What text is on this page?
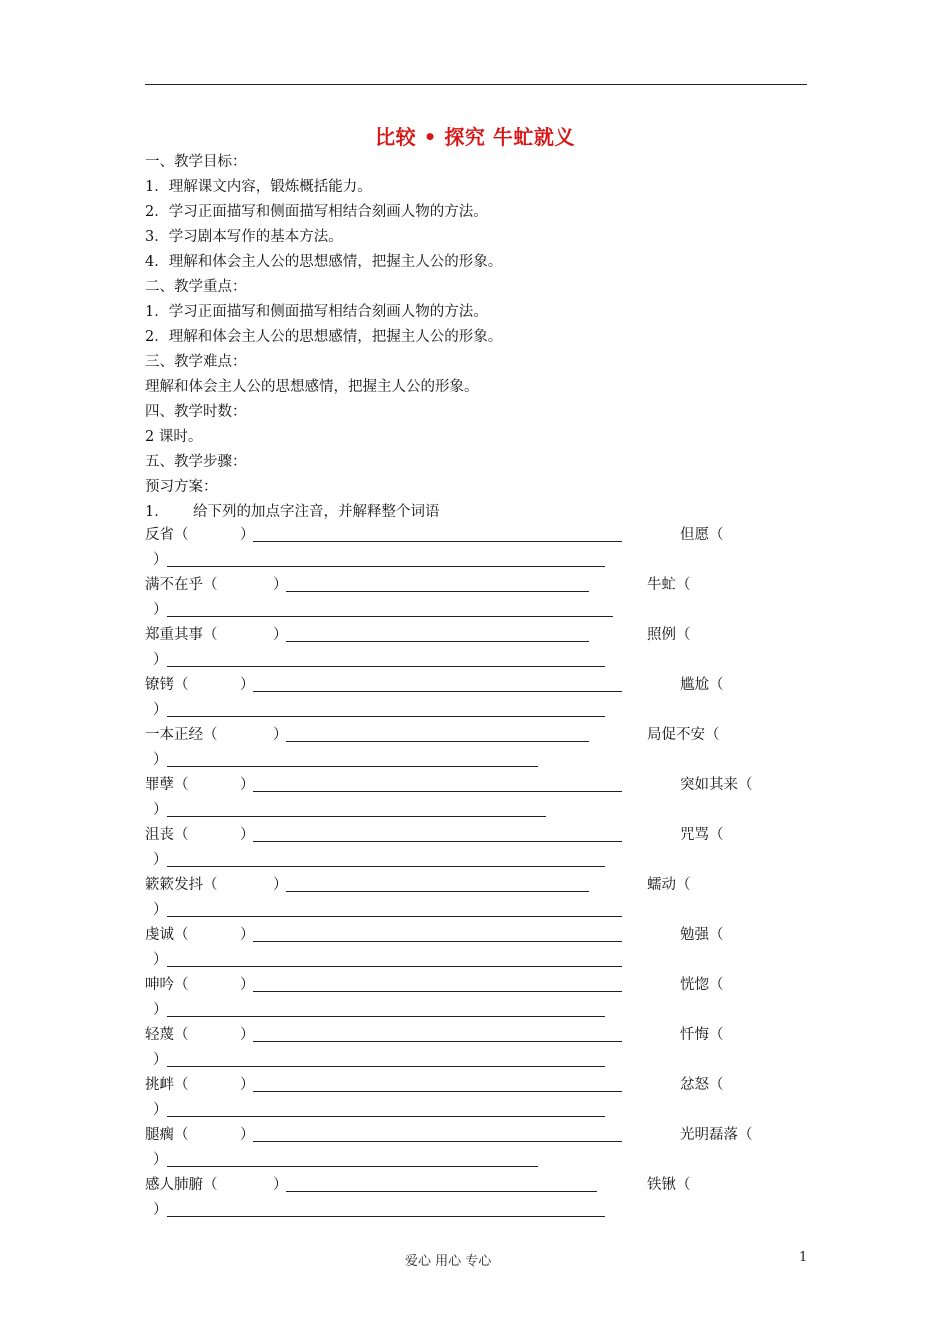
比较 • 探究 牛虻就义
一、教学目标：
1．理解课文内容，锻炼概括能力。
2．学习正面描写和侧面描写相结合刻画人物的方法。
3．学习剧本写作的基本方法。
4．理解和体会主人公的思想感情，把握主人公的形象。
二、教学重点：
1．学习正面描写和侧面描写相结合刻画人物的方法。
2．理解和体会主人公的思想感情，把握主人公的形象。
三、教学难点：
理解和体会主人公的思想感情，把握主人公的形象。
四、教学时数：
2 课时。
五、教学步骤：
预习方案：
1． 给下列的加点字注音，并解释整个词语
反省（	）	但愿（
）
满不在乎（	）	牛虻（
）
郑重其事（	）	照例（
）
镣铐（	）	尴尬（
）
一本正经（	）	局促不安（
）
罪孽（	）	突如其来（
）
沮丧（	）	咒骂（
）
簌簌发抖（	）	蠕动（
）
虔诚（	）	勉强（
）
呻吟（	）	恍惚（
）
轻蔑（	）	忏悔（
）
挑衅（	）	忿怒（
）
腿瘸（	）	光明磊落（
）
感人肺腑（	）	铁锹（
）
爱心 用心 专心	1
